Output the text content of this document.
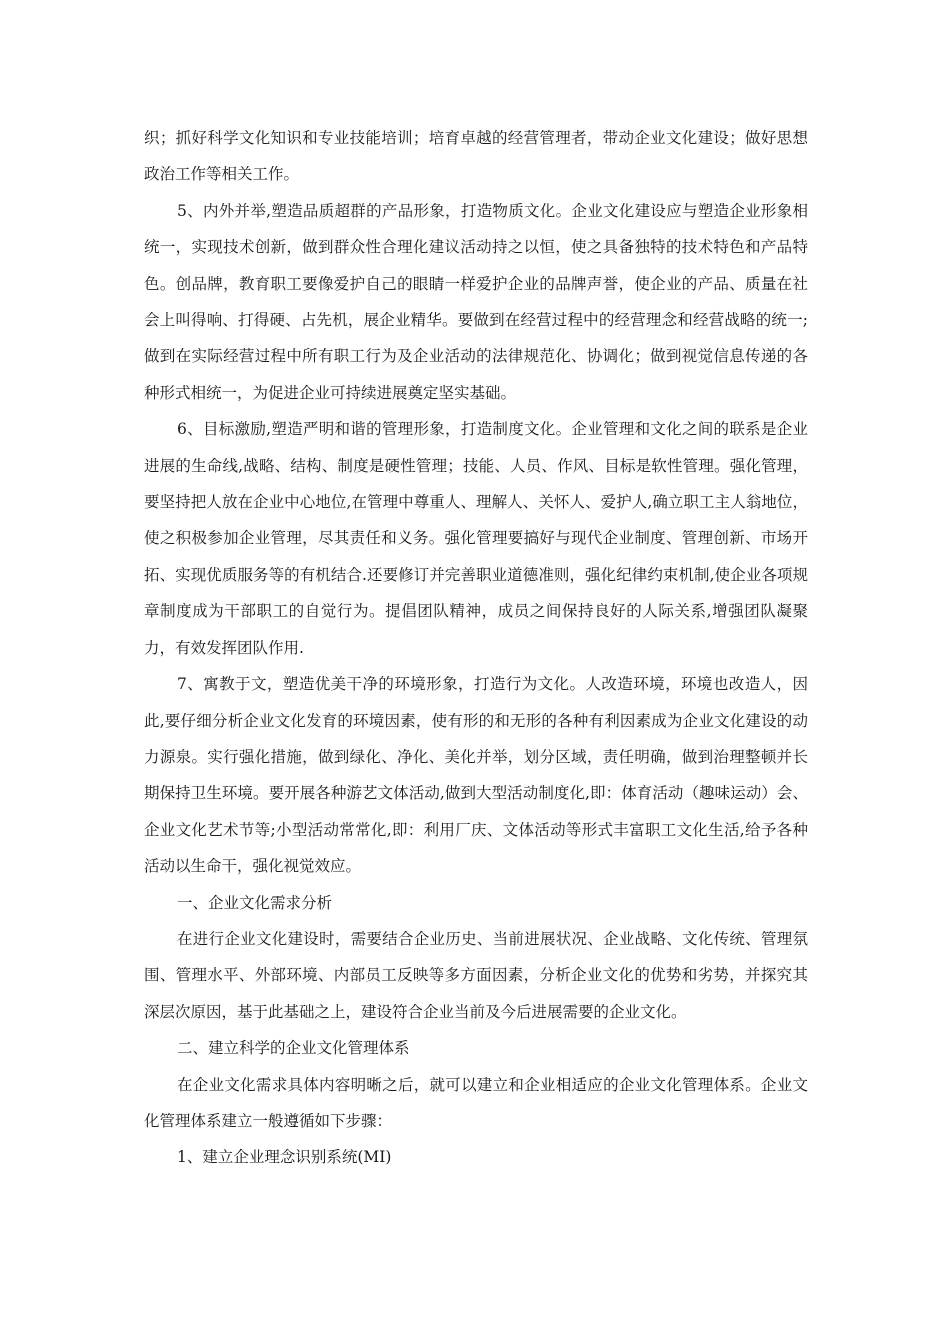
织；抓好科学文化知识和专业技能培训；培育卓越的经营管理者，带动企业文化建设；做好思想政治工作等相关工作。

5、内外并举,塑造品质超群的产品形象，打造物质文化。企业文化建设应与塑造企业形象相统一，实现技术创新，做到群众性合理化建议活动持之以恒，使之具备独特的技术特色和产品特色。创品牌，教育职工要像爱护自己的眼睛一样爱护企业的品牌声誉，使企业的产品、质量在社会上叫得响、打得硬、占先机，展企业精华。要做到在经营过程中的经营理念和经营战略的统一;做到在实际经营过程中所有职工行为及企业活动的法律规范化、协调化；做到视觉信息传递的各种形式相统一，为促进企业可持续进展奠定坚实基础。

6、目标激励,塑造严明和谐的管理形象，打造制度文化。企业管理和文化之间的联系是企业进展的生命线,战略、结构、制度是硬性管理；技能、人员、作风、目标是软性管理。强化管理，要坚持把人放在企业中心地位,在管理中尊重人、理解人、关怀人、爱护人,确立职工主人翁地位，使之积极参加企业管理，尽其责任和义务。强化管理要搞好与现代企业制度、管理创新、市场开拓、实现优质服务等的有机结合.还要修订并完善职业道德准则，强化纪律约束机制,使企业各项规章制度成为干部职工的自觉行为。提倡团队精神，成员之间保持良好的人际关系,增强团队凝聚力，有效发挥团队作用.

7、寓教于文，塑造优美干净的环境形象，打造行为文化。人改造环境，环境也改造人，因此,要仔细分析企业文化发育的环境因素，使有形的和无形的各种有利因素成为企业文化建设的动力源泉。实行强化措施，做到绿化、净化、美化并举，划分区域，责任明确，做到治理整顿并长期保持卫生环境。要开展各种游艺文体活动,做到大型活动制度化,即：体育活动（趣味运动）会、企业文化艺术节等;小型活动常常化,即：利用厂庆、文体活动等形式丰富职工文化生活,给予各种活动以生命干，强化视觉效应。

一、企业文化需求分析

在进行企业文化建设时，需要结合企业历史、当前进展状况、企业战略、文化传统、管理氛围、管理水平、外部环境、内部员工反映等多方面因素，分析企业文化的优势和劣势，并探究其深层次原因，基于此基础之上，建设符合企业当前及今后进展需要的企业文化。

二、建立科学的企业文化管理体系

在企业文化需求具体内容明晰之后，就可以建立和企业相适应的企业文化管理体系。企业文化管理体系建立一般遵循如下步骤：

1、建立企业理念识别系统(MI)
